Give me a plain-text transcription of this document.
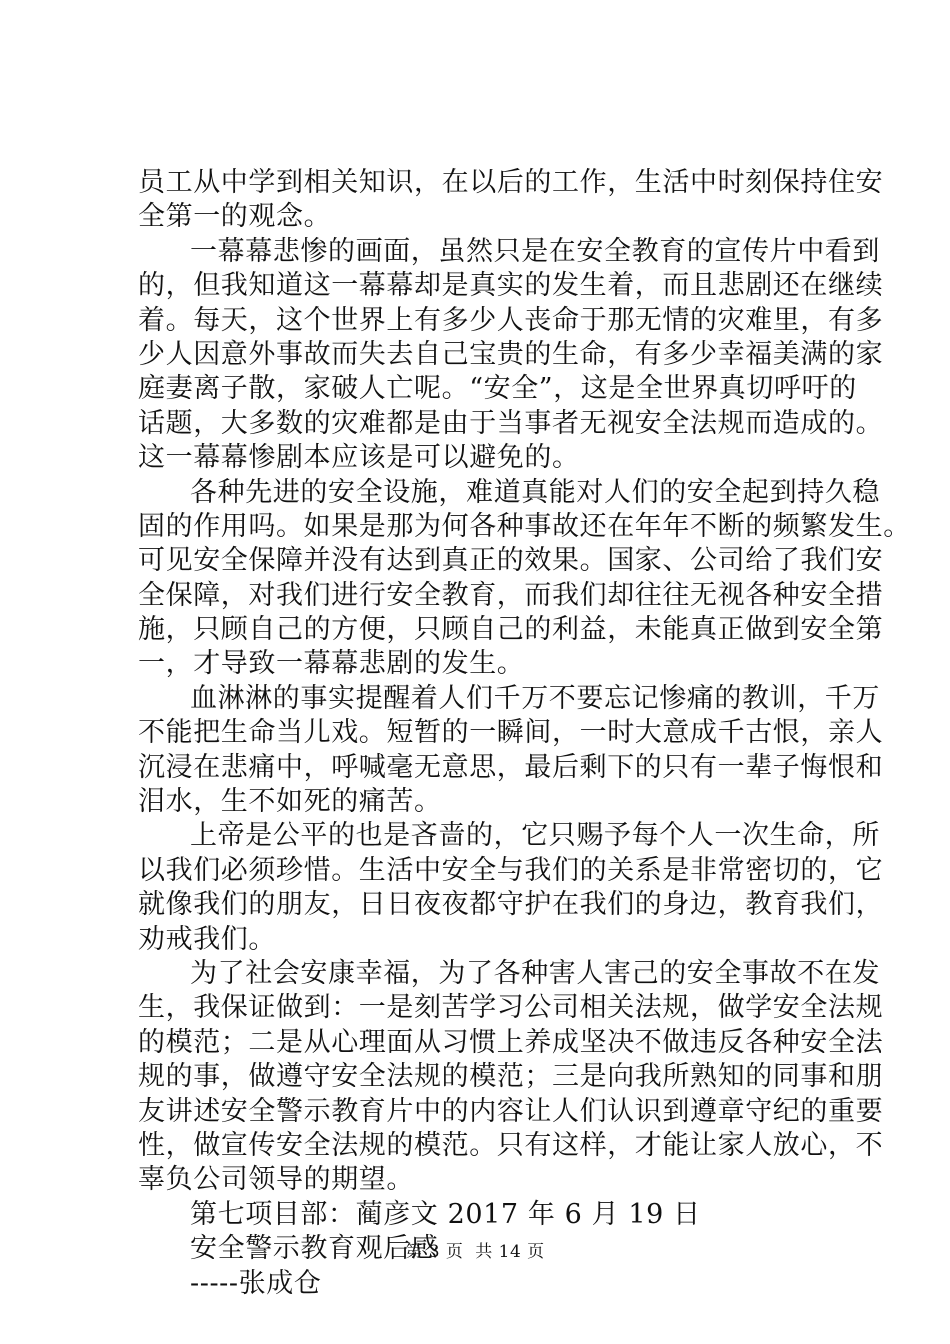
员工从中学到相关知识，在以后的工作，生活中时刻保持住安
全第一的观念。
一幕幕悲惨的画面，虽然只是在安全教育的宣传片中看到
的，但我知道这一幕幕却是真实的发生着，而且悲剧还在继续
着。每天，这个世界上有多少人丧命于那无情的灾难里，有多
少人因意外事故而失去自己宝贵的生命，有多少幸福美满的家
庭妻离子散，家破人亡呢。“安全”，这是全世界真切呼吁的
话题，大多数的灾难都是由于当事者无视安全法规而造成的。
这一幕幕惨剧本应该是可以避免的。
各种先进的安全设施，难道真能对人们的安全起到持久稳
固的作用吗。如果是那为何各种事故还在年年不断的频繁发生。
可见安全保障并没有达到真正的效果。国家、公司给了我们安
全保障，对我们进行安全教育，而我们却往往无视各种安全措
施，只顾自己的方便，只顾自己的利益，未能真正做到安全第
一，才导致一幕幕悲剧的发生。
血淋淋的事实提醒着人们千万不要忘记惨痛的教训，千万
不能把生命当儿戏。短暂的一瞬间，一时大意成千古恨，亲人
沉浸在悲痛中，呼喊毫无意思，最后剩下的只有一辈子悔恨和
泪水，生不如死的痛苦。
上帝是公平的也是吝啬的，它只赐予每个人一次生命，所
以我们必须珍惜。生活中安全与我们的关系是非常密切的，它
就像我们的朋友，日日夜夜都守护在我们的身边，教育我们，
劝戒我们。
为了社会安康幸福，为了各种害人害己的安全事故不在发
生，我保证做到：一是刻苦学习公司相关法规，做学安全法规
的模范；二是从心理面从习惯上养成坚决不做违反各种安全法
规的事，做遵守安全法规的模范；三是向我所熟知的同事和朋
友讲述安全警示教育片中的内容让人们认识到遵章守纪的重要
性，做宣传安全法规的模范。只有这样，才能让家人放心，不
辜负公司领导的期望。
第七项目部：蔺彦文 2017 年 6 月 19 日
安全警示教育观后感
-----张成仓
第 3 页  共 14 页
